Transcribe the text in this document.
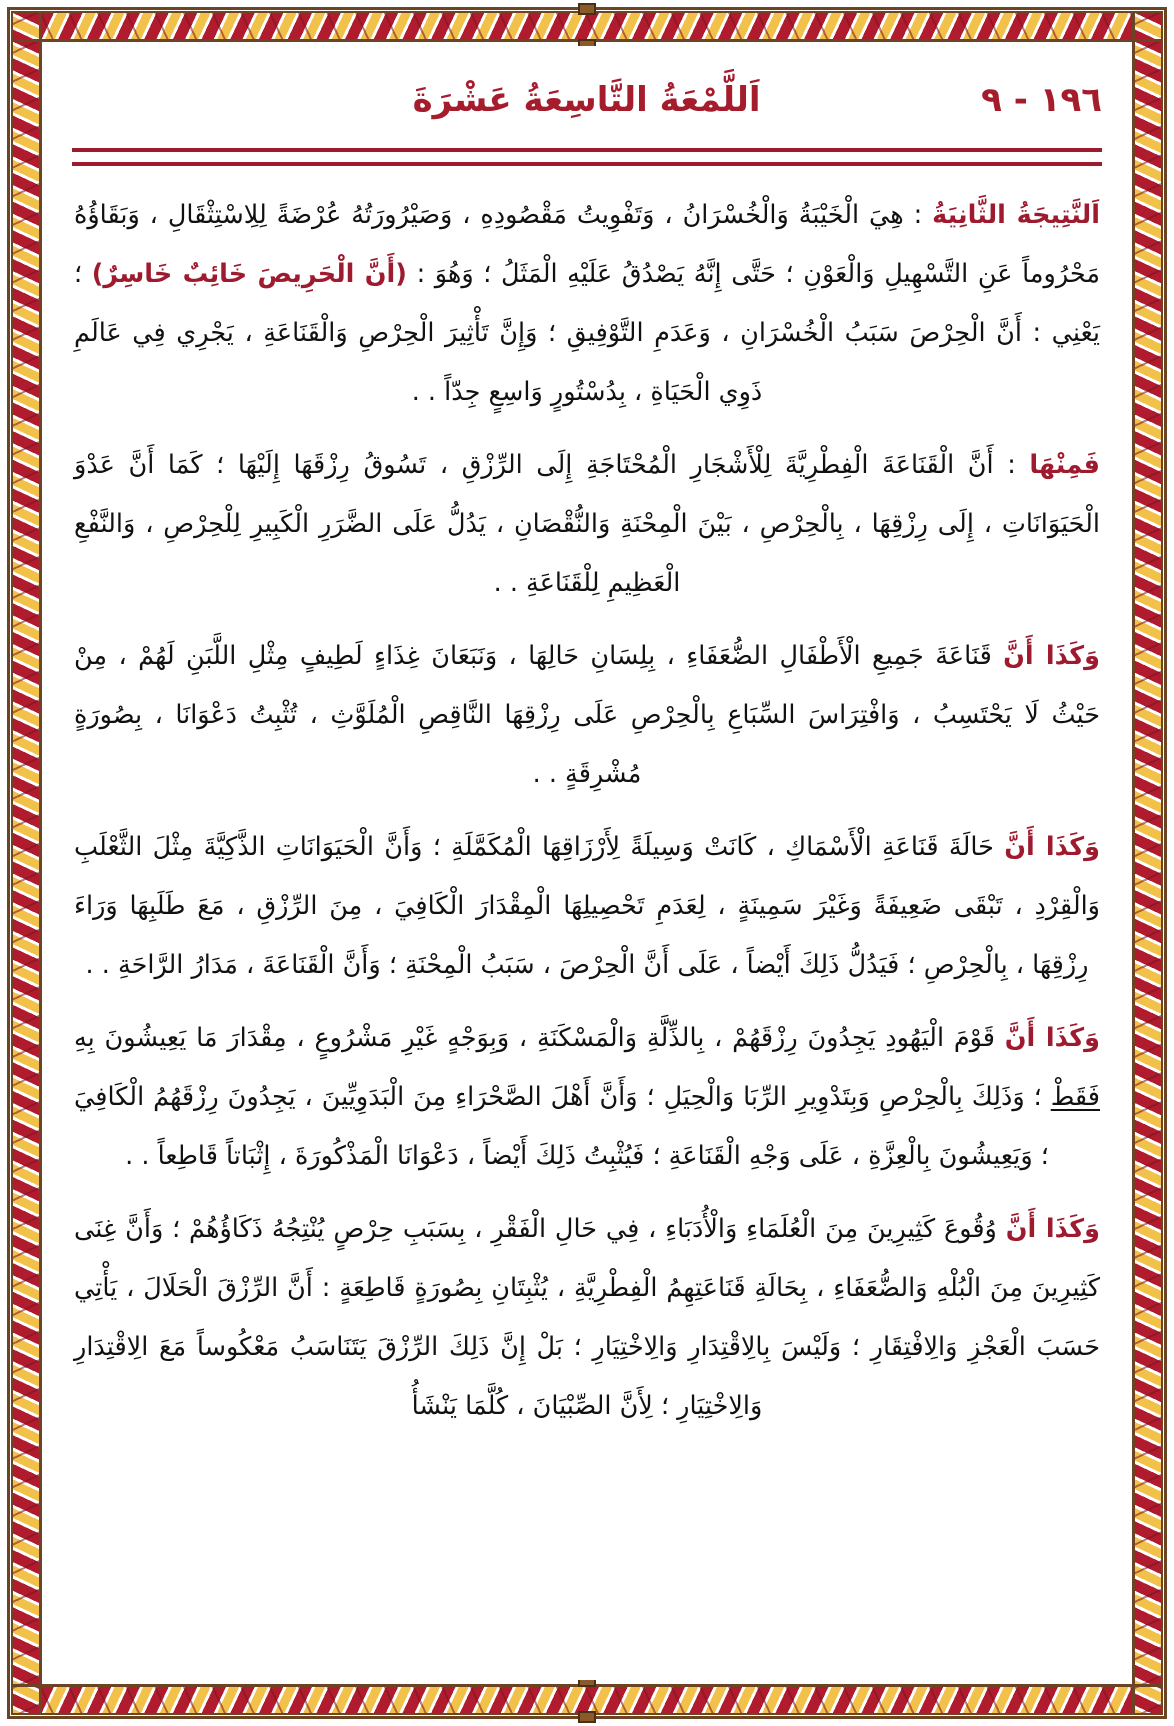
١٩٦ - ٩
اَللَّمْعَةُ التَّاسِعَةُ عَشْرَةَ
اَلنَّتِيجَةُ الثَّانِيَةُ : هِيَ الْخَيْبَةُ وَالْخُسْرَانُ ، وَتَفْوِيتُ مَقْصُودِهِ ، وَصَيْرُورَتُهُ عُرْضَةً لِلِاسْتِثْقَالِ ، وَبَقَاؤُهُ مَحْرُوماً عَنِ التَّسْهِيلِ وَالْعَوْنِ ؛ حَتَّى إِنَّهُ يَصْدُقُ عَلَيْهِ الْمَثَلُ ؛ وَهُوَ : (أَنَّ الْحَرِيصَ خَائِبٌ خَاسِرٌ) ؛ يَعْنِي : أَنَّ الْحِرْصَ سَبَبُ الْخُسْرَانِ ، وَعَدَمِ التَّوْفِيقِ ؛ وَإِنَّ تَأْثِيرَ الْحِرْصِ وَالْقَنَاعَةِ ، يَجْرِي فِي عَالَمِ ذَوِي الْحَيَاةِ ، بِدُسْتُورٍ وَاسِعٍ جِدّاً . .
فَمِنْهَا : أَنَّ الْقَنَاعَةَ الْفِطْرِيَّةَ لِلْأَشْجَارِ الْمُحْتَاجَةِ إِلَى الرِّزْقِ ، تَسُوقُ رِزْقَهَا إِلَيْهَا ؛ كَمَا أَنَّ عَدْوَ الْحَيَوَانَاتِ ، إِلَى رِزْقِهَا ، بِالْحِرْصِ ، بَيْنَ الْمِحْنَةِ وَالنُّقْصَانِ ، يَدُلُّ عَلَى الضَّرَرِ الْكَبِيرِ لِلْحِرْصِ ، وَالنَّفْعِ الْعَظِيمِ لِلْقَنَاعَةِ . .
وَكَذَا أَنَّ قَنَاعَةَ جَمِيعِ الْأَطْفَالِ الضُّعَفَاءِ ، بِلِسَانِ حَالِهَا ، وَنَبَعَانَ غِذَاءٍ لَطِيفٍ مِثْلِ اللَّبَنِ لَهُمْ ، مِنْ حَيْثُ لَا يَحْتَسِبُ ، وَافْتِرَاسَ السِّبَاعِ بِالْحِرْصِ عَلَى رِزْقِهَا النَّاقِصِ الْمُلَوَّثِ ، تُثْبِتُ دَعْوَانَا ، بِصُورَةٍ مُشْرِقَةٍ . .
وَكَذَا أَنَّ حَالَةَ قَنَاعَةِ الْأَسْمَاكِ ، كَانَتْ وَسِيلَةً لِأَرْزَاقِهَا الْمُكَمَّلَةِ ؛ وَأَنَّ الْحَيَوَانَاتِ الذَّكِيَّةَ مِثْلَ الثَّعْلَبِ وَالْقِرْدِ ، تَبْقَى ضَعِيفَةً وَغَيْرَ سَمِينَةٍ ، لِعَدَمِ تَحْصِيلِهَا الْمِقْدَارَ الْكَافِيَ ، مِنَ الرِّزْقِ ، مَعَ طَلَبِهَا وَرَاءَ رِزْقِهَا ، بِالْحِرْصِ ؛ فَيَدُلُّ ذَلِكَ أَيْضاً ، عَلَى أَنَّ الْحِرْصَ ، سَبَبُ الْمِحْنَةِ ؛ وَأَنَّ الْقَنَاعَةَ ، مَدَارُ الرَّاحَةِ . .
وَكَذَا أَنَّ قَوْمَ الْيَهُودِ يَجِدُونَ رِزْقَهُمْ ، بِالذِّلَّةِ وَالْمَسْكَنَةِ ، وَبِوَجْهٍ غَيْرِ مَشْرُوعٍ ، مِقْدَارَ مَا يَعِيشُونَ بِهِ فَقَطْ ؛ وَذَلِكَ بِالْحِرْصِ وَبِتَدْوِيرِ الرِّبَا وَالْحِيَلِ ؛ وَأَنَّ أَهْلَ الصَّحْرَاءِ مِنَ الْبَدَوِيِّينَ ، يَجِدُونَ رِزْقَهُمُ الْكَافِيَ ؛ وَيَعِيشُونَ بِالْعِزَّةِ ، عَلَى وَجْهِ الْقَنَاعَةِ ؛ فَيُثْبِتُ ذَلِكَ أَيْضاً ، دَعْوَانَا الْمَذْكُورَةَ ، إِثْبَاتاً قَاطِعاً . .
وَكَذَا أَنَّ وُقُوعَ كَثِيرِينَ مِنَ الْعُلَمَاءِ وَالْأُدَبَاءِ ، فِي حَالِ الْفَقْرِ ، بِسَبَبِ حِرْصٍ يُنْتِجُهُ ذَكَاؤُهُمْ ؛ وَأَنَّ غِنَى كَثِيرِينَ مِنَ الْبُلْهِ وَالضُّعَفَاءِ ، بِحَالَةِ قَنَاعَتِهِمُ الْفِطْرِيَّةِ ، يُثْبِتَانِ بِصُورَةٍ قَاطِعَةٍ : أَنَّ الرِّزْقَ الْحَلَالَ ، يَأْتِي حَسَبَ الْعَجْزِ وَالِافْتِقَارِ ؛ وَلَيْسَ بِالِاقْتِدَارِ وَالِاخْتِيَارِ ؛ بَلْ إِنَّ ذَلِكَ الرِّزْقَ يَتَنَاسَبُ مَعْكُوساً مَعَ الِاقْتِدَارِ وَالِاخْتِيَارِ ؛ لِأَنَّ الصِّبْيَانَ ، كُلَّمَا يَنْشَأُ
